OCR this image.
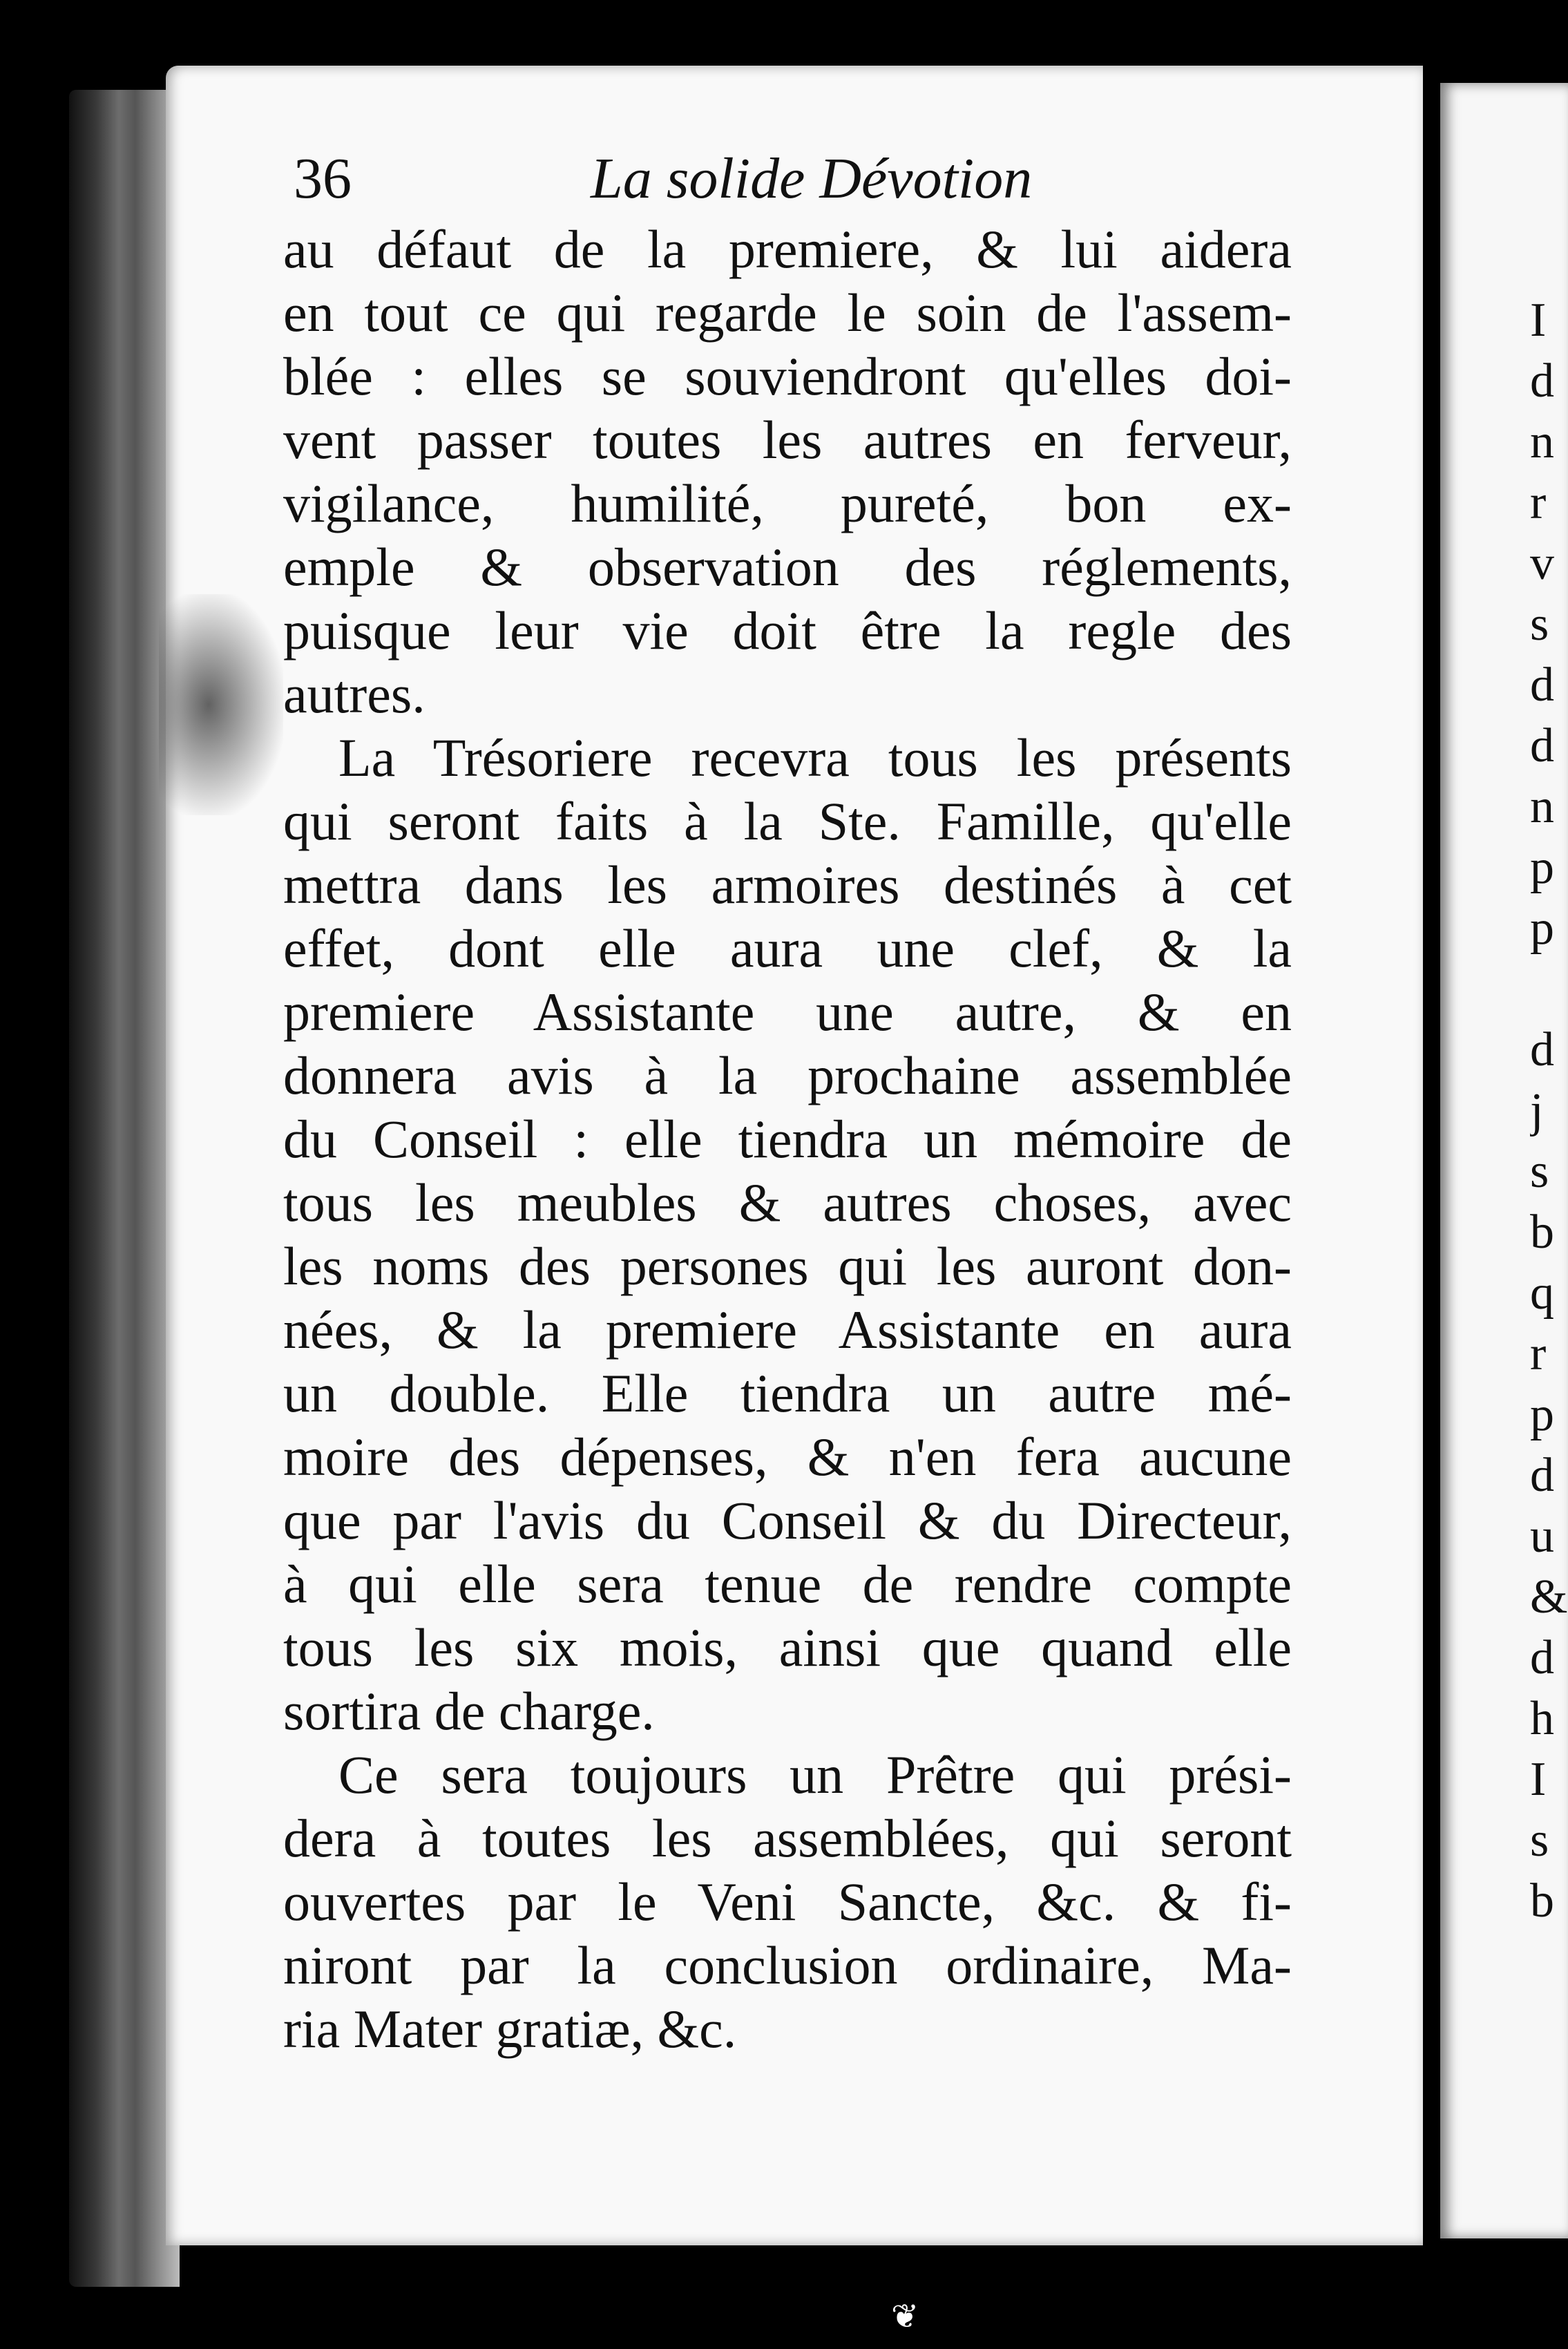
I
d
n
r
v
s
d
d
n
p
p
d
j
s
b
q
r
p
d
u
&
d
h
I
s
b
36	La solide Dévotion
au défaut de la premiere, & lui aidera
en tout ce qui regarde le soin de l'assem-
blée : elles se souviendront qu'elles doi-
vent passer toutes les autres en ferveur,
vigilance, humilité, pureté, bon ex-
emple & observation des réglements,
puisque leur vie doit être la regle des
autres.
La Trésoriere recevra tous les présents
qui seront faits à la Ste. Famille, qu'elle
mettra dans les armoires destinés à cet
effet, dont elle aura une clef, & la
premiere Assistante une autre, & en
donnera avis à la prochaine assemblée
du Conseil : elle tiendra un mémoire de
tous les meubles & autres choses, avec
les noms des persones qui les auront don-
nées, & la premiere Assistante en aura
un double. Elle tiendra un autre mé-
moire des dépenses, & n'en fera aucune
que par l'avis du Conseil & du Directeur,
à qui elle sera tenue de rendre compte
tous les six mois, ainsi que quand elle
sortira de charge.
Ce sera toujours un Prêtre qui prési-
dera à toutes les assemblées, qui seront
ouvertes par le Veni Sancte, &c. & fi-
niront par la conclusion ordinaire, Ma-
ria Mater gratiæ, &c.
❦
